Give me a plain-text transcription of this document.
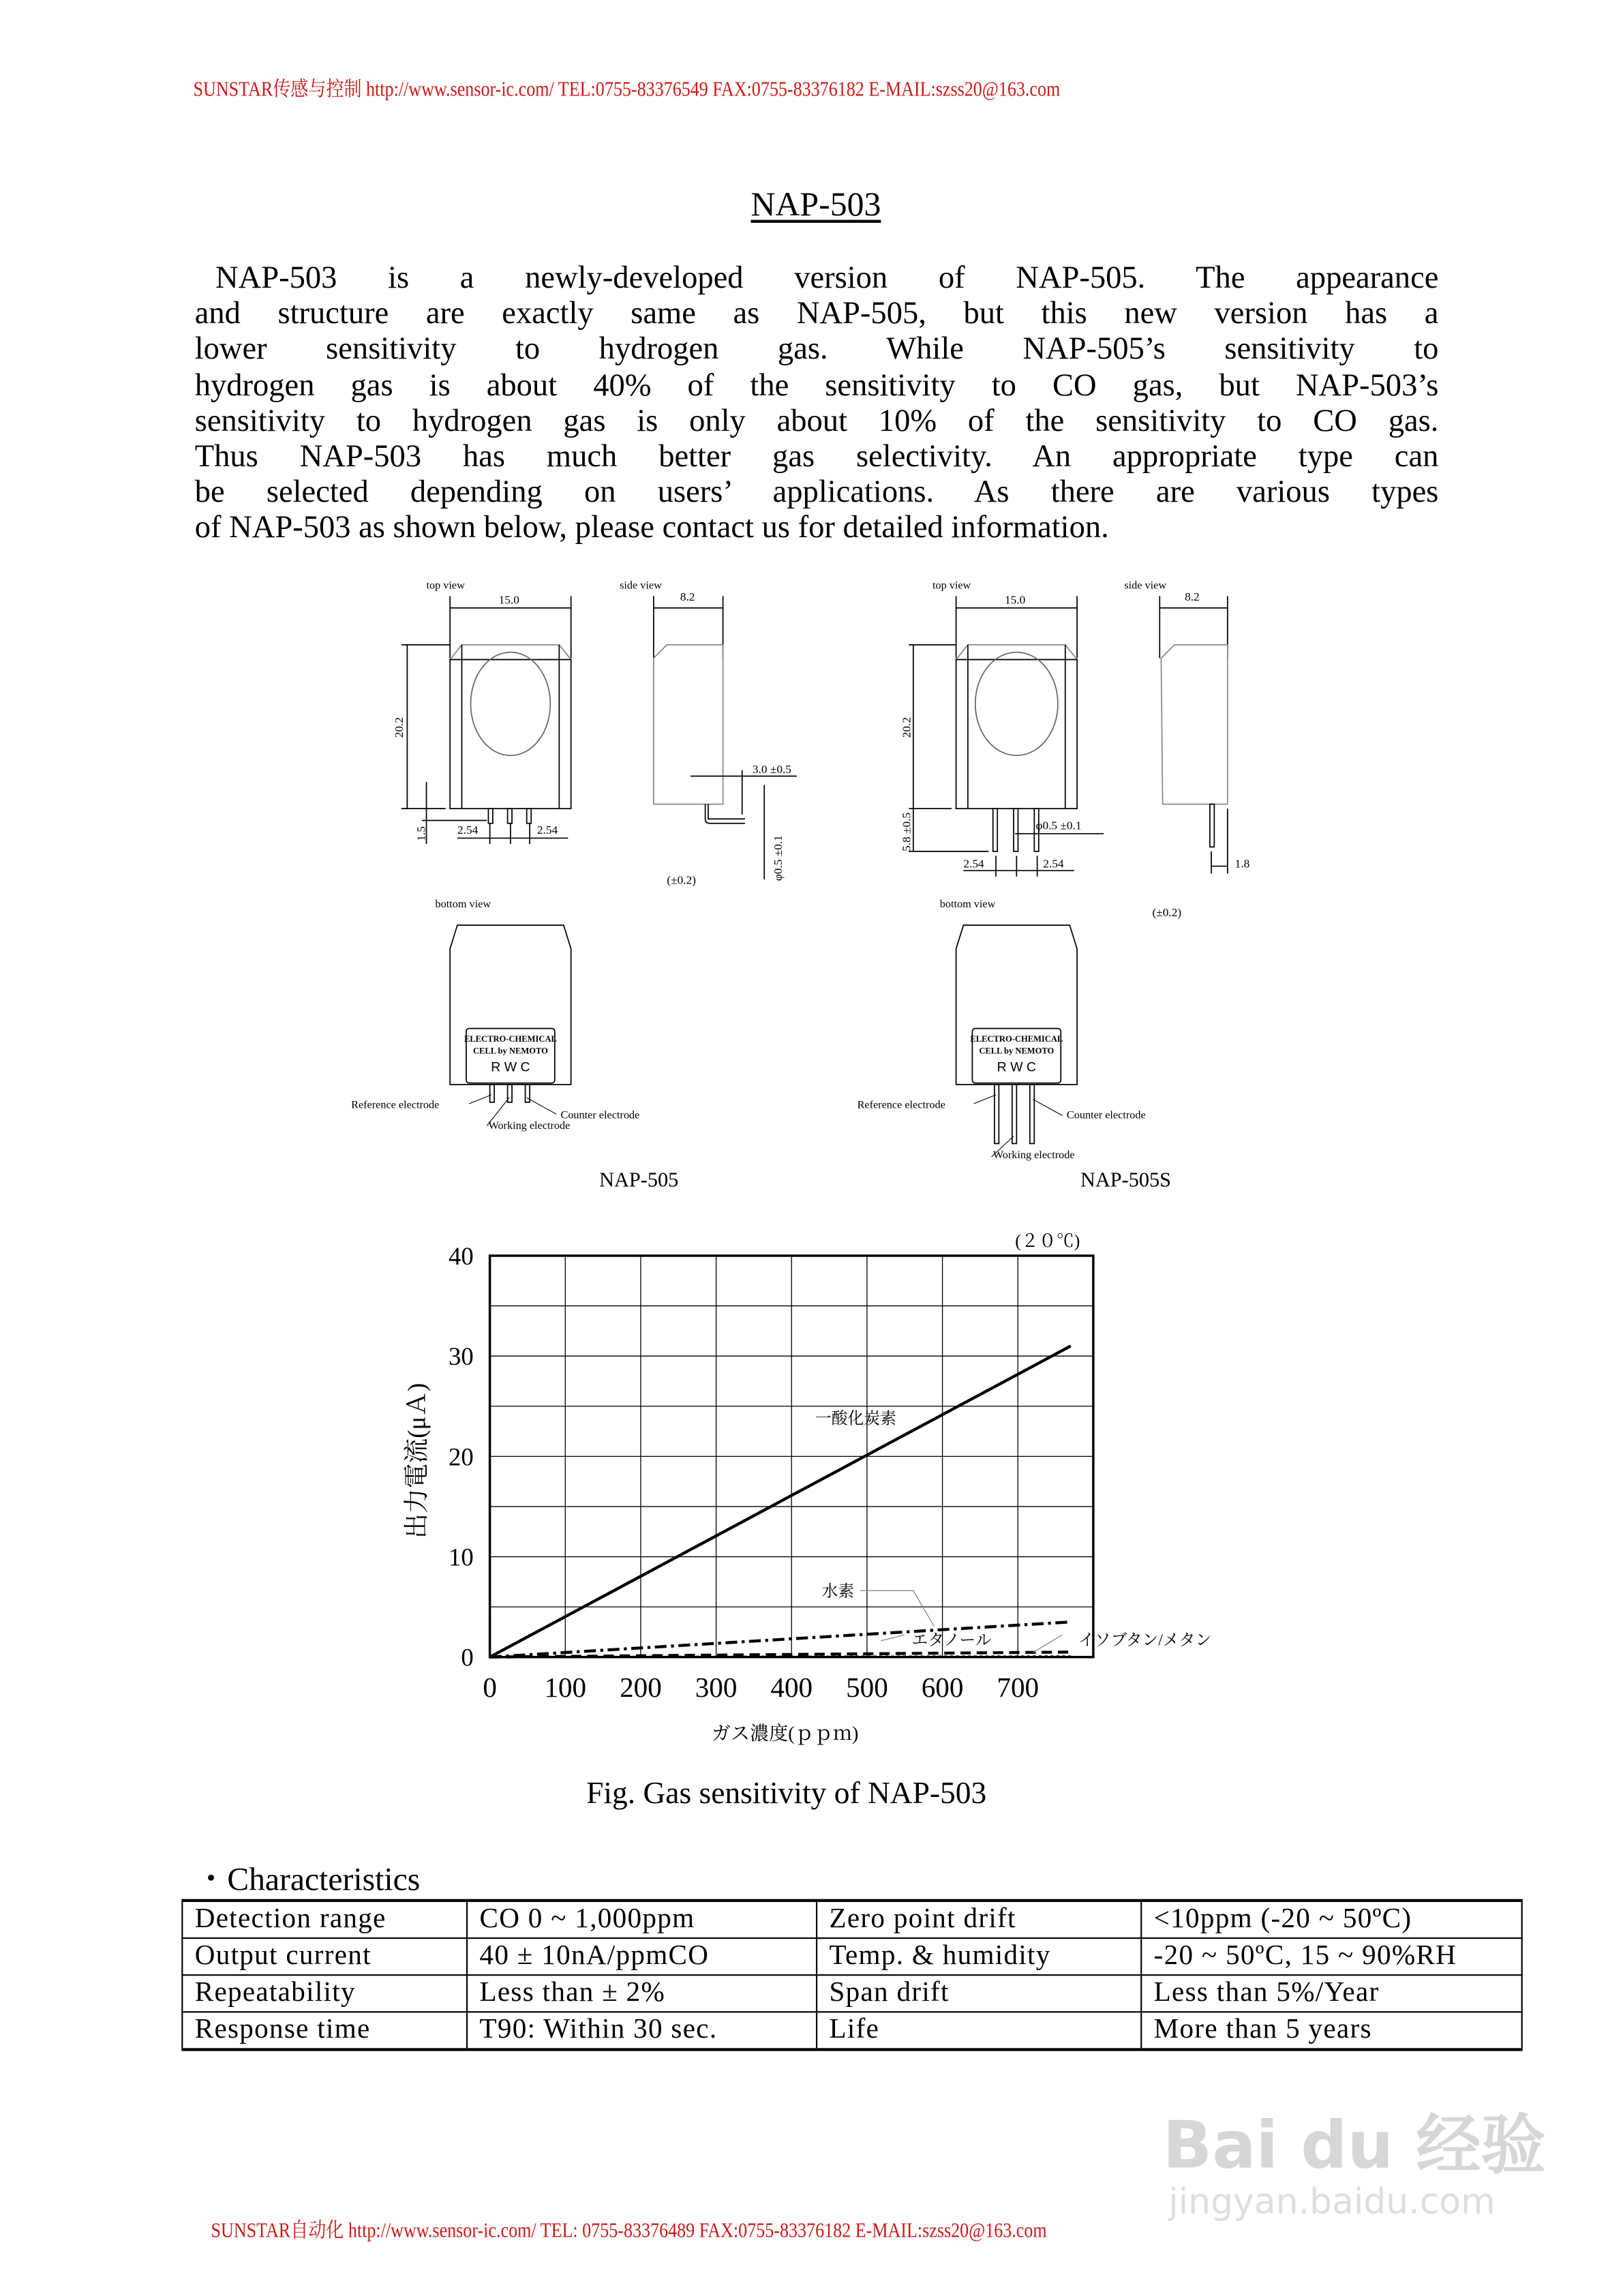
SUNSTAR传感与控制 http://www.sensor-ic.com/ TEL:0755-83376549 FAX:0755-83376182 E-MAIL:szss20@163.com
NAP-503
NAP-503 is a newly-developed version of NAP-505. The appearance
and structure are exactly same as NAP-505, but this new version has a
lower sensitivity to hydrogen gas. While NAP-505’s sensitivity to
hydrogen gas is about 40% of the sensitivity to CO gas, but NAP-503’s
sensitivity to hydrogen gas is only about 10% of the sensitivity to CO gas.
Thus NAP-503 has much better gas selectivity. An appropriate type can
be selected depending on users’ applications. As there are various types
of NAP-503 as shown below, please contact us for detailed information.
top view
15.0
20.2
1.5	2.54	2.54
side view
8.2
3.0 ±0.5
φ0.5 ±0.1
(±0.2)
bottom view
ELECTRO-CHEMICAL
CELL by NEMOTO
R W C
Reference electrode
Counter electrode
Working electrode
NAP-505
top view
15.0
20.2
5.8 ±0.5	φ0.5 ±0.1
2.54	2.54
side view
8.2
1.8
(±0.2)
bottom view
ELECTRO-CHEMICAL
CELL by NEMOTO
R W C
Reference electrode
Counter electrode
Working electrode
NAP-505S
0	100	200	300	400	500	600	700
0
10
20
30
40
(２０℃)
出力電流(μＡ)
ガス濃度(ｐｐｍ)
一酸化炭素
水素
エタノール	イソブタン/メタン
Fig. Gas sensitivity of NAP-503
・Characteristics
Detection range	CO 0 ~ 1,000ppm	Zero point drift	<10ppm (-20 ~ 50ºC)
Output current	40 ± 10nA/ppmCO	Temp. & humidity	-20 ~ 50ºC, 15 ~ 90%RH
Repeatability	Less than ± 2%	Span drift	Less than 5%/Year
Response time	T90: Within 30 sec.	Life	More than 5 years
Bai du 经验
jingyan.baidu.com
SUNSTAR自动化 http://www.sensor-ic.com/ TEL: 0755-83376489 FAX:0755-83376182 E-MAIL:szss20@163.com
